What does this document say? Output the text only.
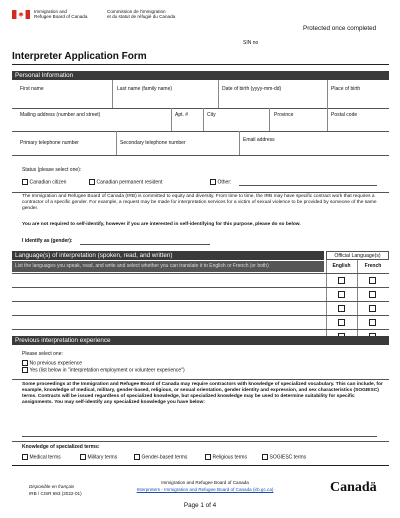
Immigration and
Refugee Board of Canada
Commission de l'immigration
et du statut de réfugié du Canada
Protected once completed
SIN no
Interpreter Application Form
Personal Information
First name	Last name (family name)	Date of birth (yyyy-mm-dd)	Place of birth
Mailing address (number and street)	Apt. #	City	Province	Postal code
Primary telephone number	Secondary telephone number	Email address
Status (please select one):
Canadian citizen	Canadian permanent resident	Other:
The Immigration and Refugee Board of Canada (IRB) is committed to equity and diversity. From time to time, the IRB may have specific contract work that requires a contractor of a specific gender. For example, a request may be made for interpretation services for a victim of sexual violence to be provided by someone of the same gender.
You are not required to self-identify, however if you are interested in self-identifying for this purpose, please do so below.
I identify as (gender):
Language(s) of interpretation (spoken, read, and written)	Official Language(s)
List the languages you speak, read, and write and select whether you can translate it to English or French (or both)	English	French
Previous interpretation experience
Please select one:
No previous experience
Yes (list below in "interpretation employment or volunteer experience")
Some proceedings at the Immigration and Refugee Board of Canada may require contractors with knowledge of specialized vocabulary. This can include, for example, knowledge of medical, military, gender-based, religious, or sexual orientation, gender identity and expression, and sex characteristics (SOGIESC) terms. Contracts will be issued regardless of specialized knowledge, but specialized knowledge may be used to determine suitability for specific assignments. You may self-identify any specialized knowledge you have below:
Knowledge of specialized terms:
Medical terms	Military terms	Gender-based terms	Religious terms	SOGIESC terms
Disponible en français
IRB / CISR 693 (2022-01)
Immigration and Refugee Board of Canada
Interpreters - Immigration and Refugee Board of Canada (irb.gc.ca)	Canadä
Page 1 of 4
